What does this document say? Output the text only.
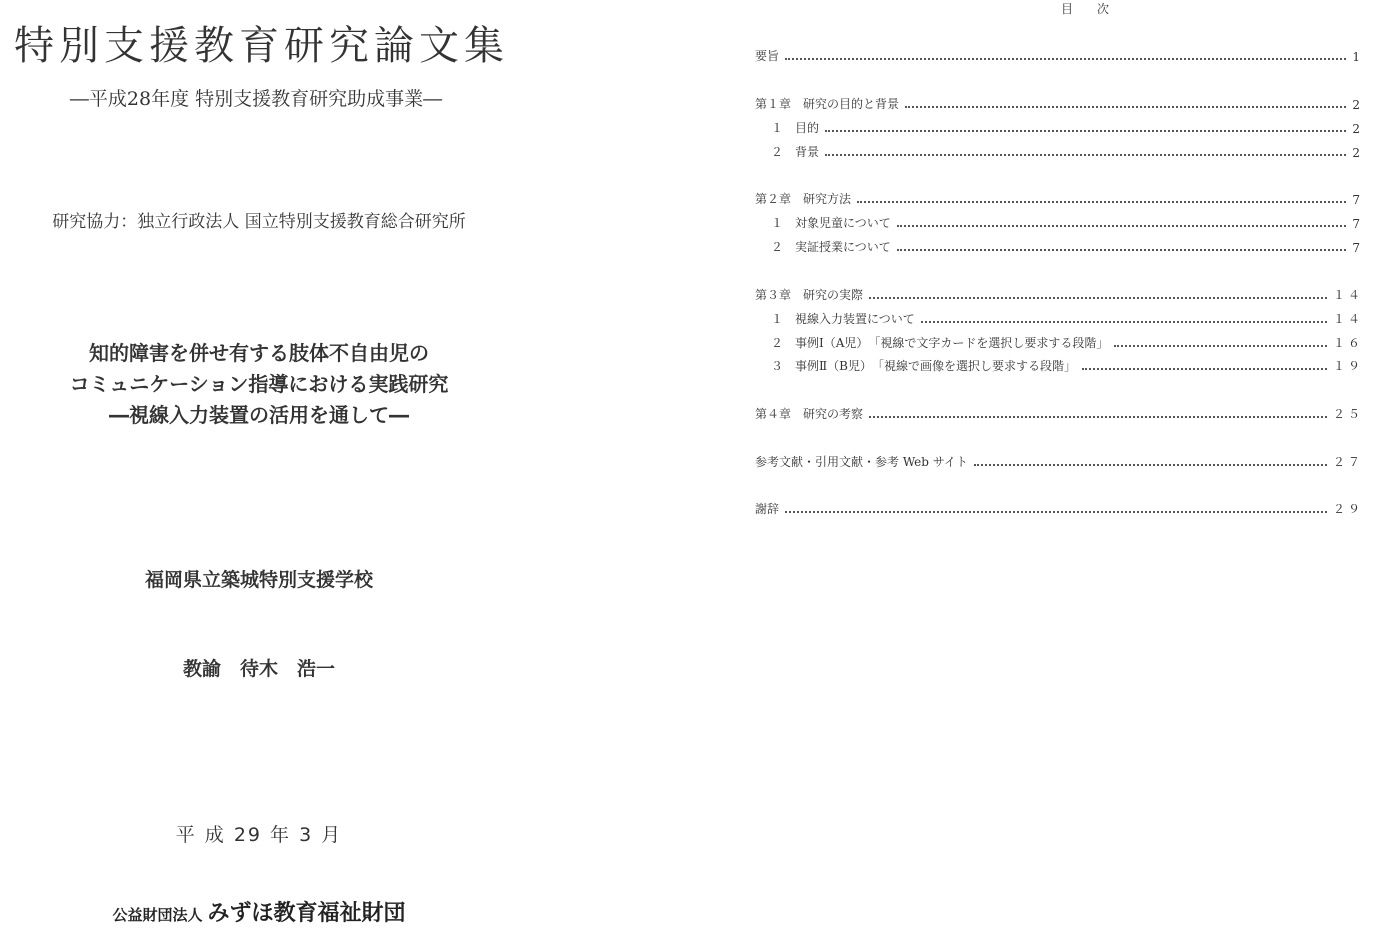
特別支援教育研究論文集
―平成28年度 特別支援教育研究助成事業―
研究協力：独立行政法人 国立特別支援教育総合研究所
知的障害を併せ有する肢体不自由児の
コミュニケーション指導における実践研究
―視線入力装置の活用を通して―
福岡県立築城特別支援学校
教諭　待木　浩一
平 成 29 年 3 月
公益財団法人 みずほ教育福祉財団
目　　次
要旨	1
第１章　研究の目的と背景	2
１　目的	2
２　背景	2
第２章　研究方法	7
１　対象児童について	7
２　実証授業について	7
第３章　研究の実際	１４
１　視線入力装置について	１４
２　事例Ⅰ（A児）　「視線で文字カードを選択し要求する段階」	１６
３　事例Ⅱ（B児）　「視線で画像を選択し要求する段階」	１９
第４章　研究の考察	２５
参考文献・引用文献・参考 Web サイト	２７
謝辞	２９
